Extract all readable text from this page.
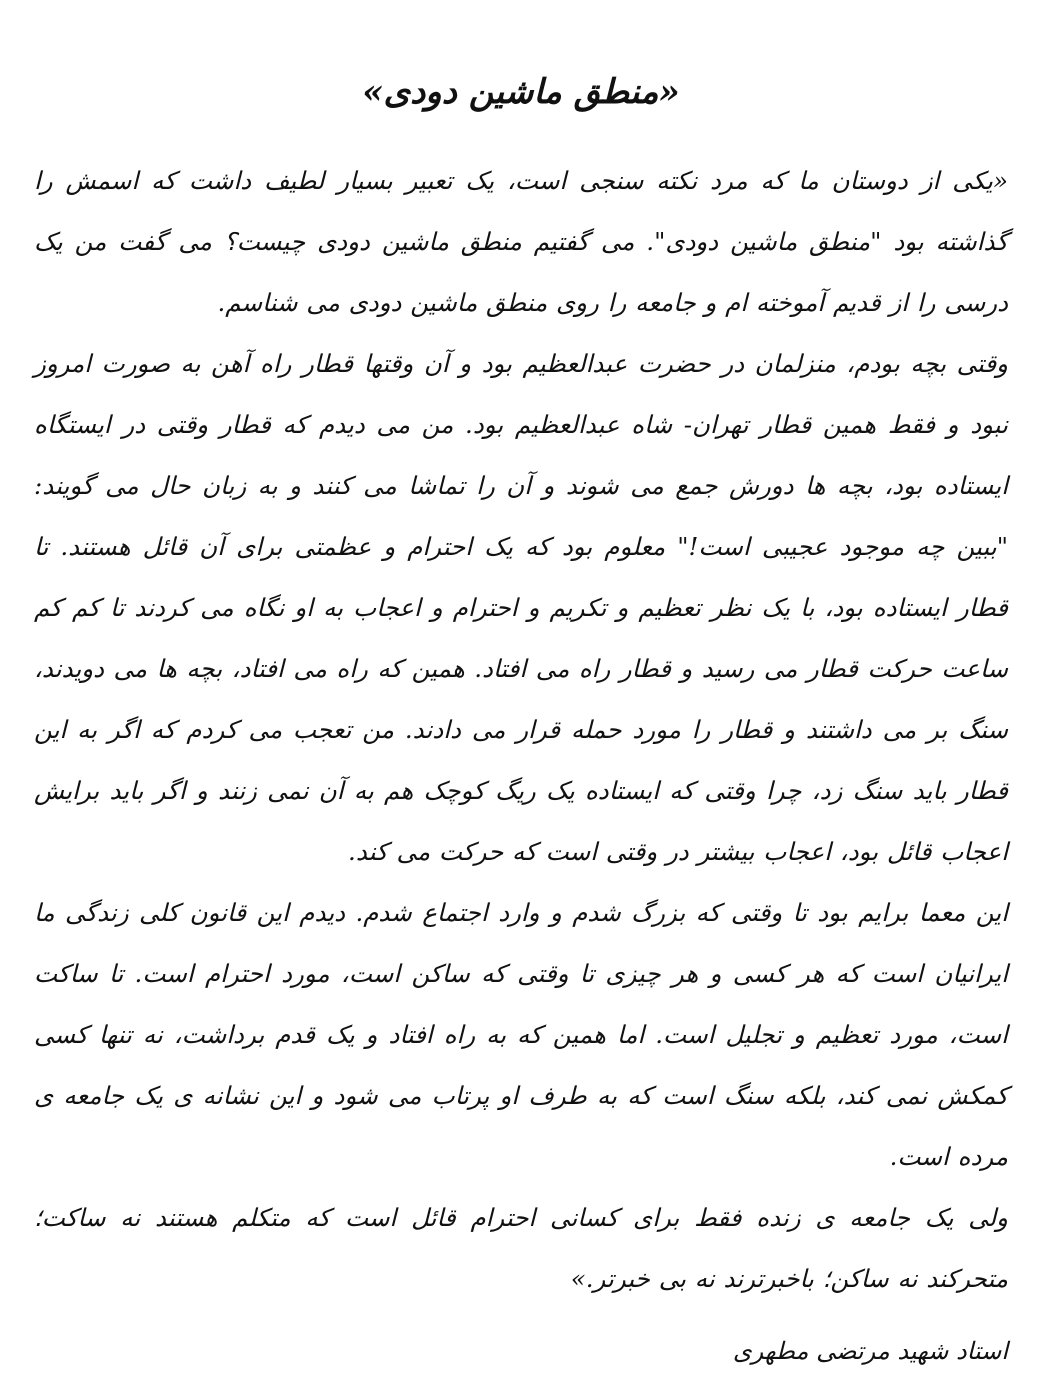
«منطق ماشین دودی»

«یکی از دوستان ما که مرد نکته سنجی است، یک تعبیر بسیار لطیف داشت که اسمش را گذاشته بود "منطق ماشین دودی". می گفتیم منطق ماشین دودی چیست؟ می گفت من یک درسی را از قدیم آموخته ام و جامعه را روی منطق ماشین دودی می شناسم.

وقتی بچه بودم، منزلمان در حضرت عبدالعظیم بود و آن وقتها قطار راه آهن به صورت امروز نبود و فقط همین قطار تهران- شاه عبدالعظیم بود. من می دیدم که قطار وقتی در ایستگاه ایستاده بود، بچه ها دورش جمع می شوند و آن را تماشا می کنند و به زبان حال می گویند: "ببین چه موجود عجیبی است!" معلوم بود که یک احترام و عظمتی برای آن قائل هستند. تا قطار ایستاده بود، با یک نظر تعظیم و تکریم و احترام و اعجاب به او نگاه می کردند تا کم کم ساعت حرکت قطار می رسید و قطار راه می افتاد. همین که راه می افتاد، بچه ها می دویدند، سنگ بر می داشتند و قطار را مورد حمله قرار می دادند. من تعجب می کردم که اگر به این قطار باید سنگ زد، چرا وقتی که ایستاده یک ریگ کوچک هم به آن نمی زنند و اگر باید برایش اعجاب قائل بود، اعجاب بیشتر در وقتی است که حرکت می کند.

این معما برایم بود تا وقتی که بزرگ شدم و وارد اجتماع شدم. دیدم این قانون کلی زندگی ما ایرانیان است که هر کسی و هر چیزی تا وقتی که ساکن است، مورد احترام است. تا ساکت است، مورد تعظیم و تجلیل است. اما همین که به راه افتاد و یک قدم برداشت، نه تنها کسی کمکش نمی کند، بلکه سنگ است که به طرف او پرتاب می شود و این نشانه ی یک جامعه ی مرده است.

ولی یک جامعه ی زنده فقط برای کسانی احترام قائل است که متکلم هستند نه ساکت؛ متحرکند نه ساکن؛ باخبرترند نه بی خبرتر.»

استاد شهید مرتضی مطهری
